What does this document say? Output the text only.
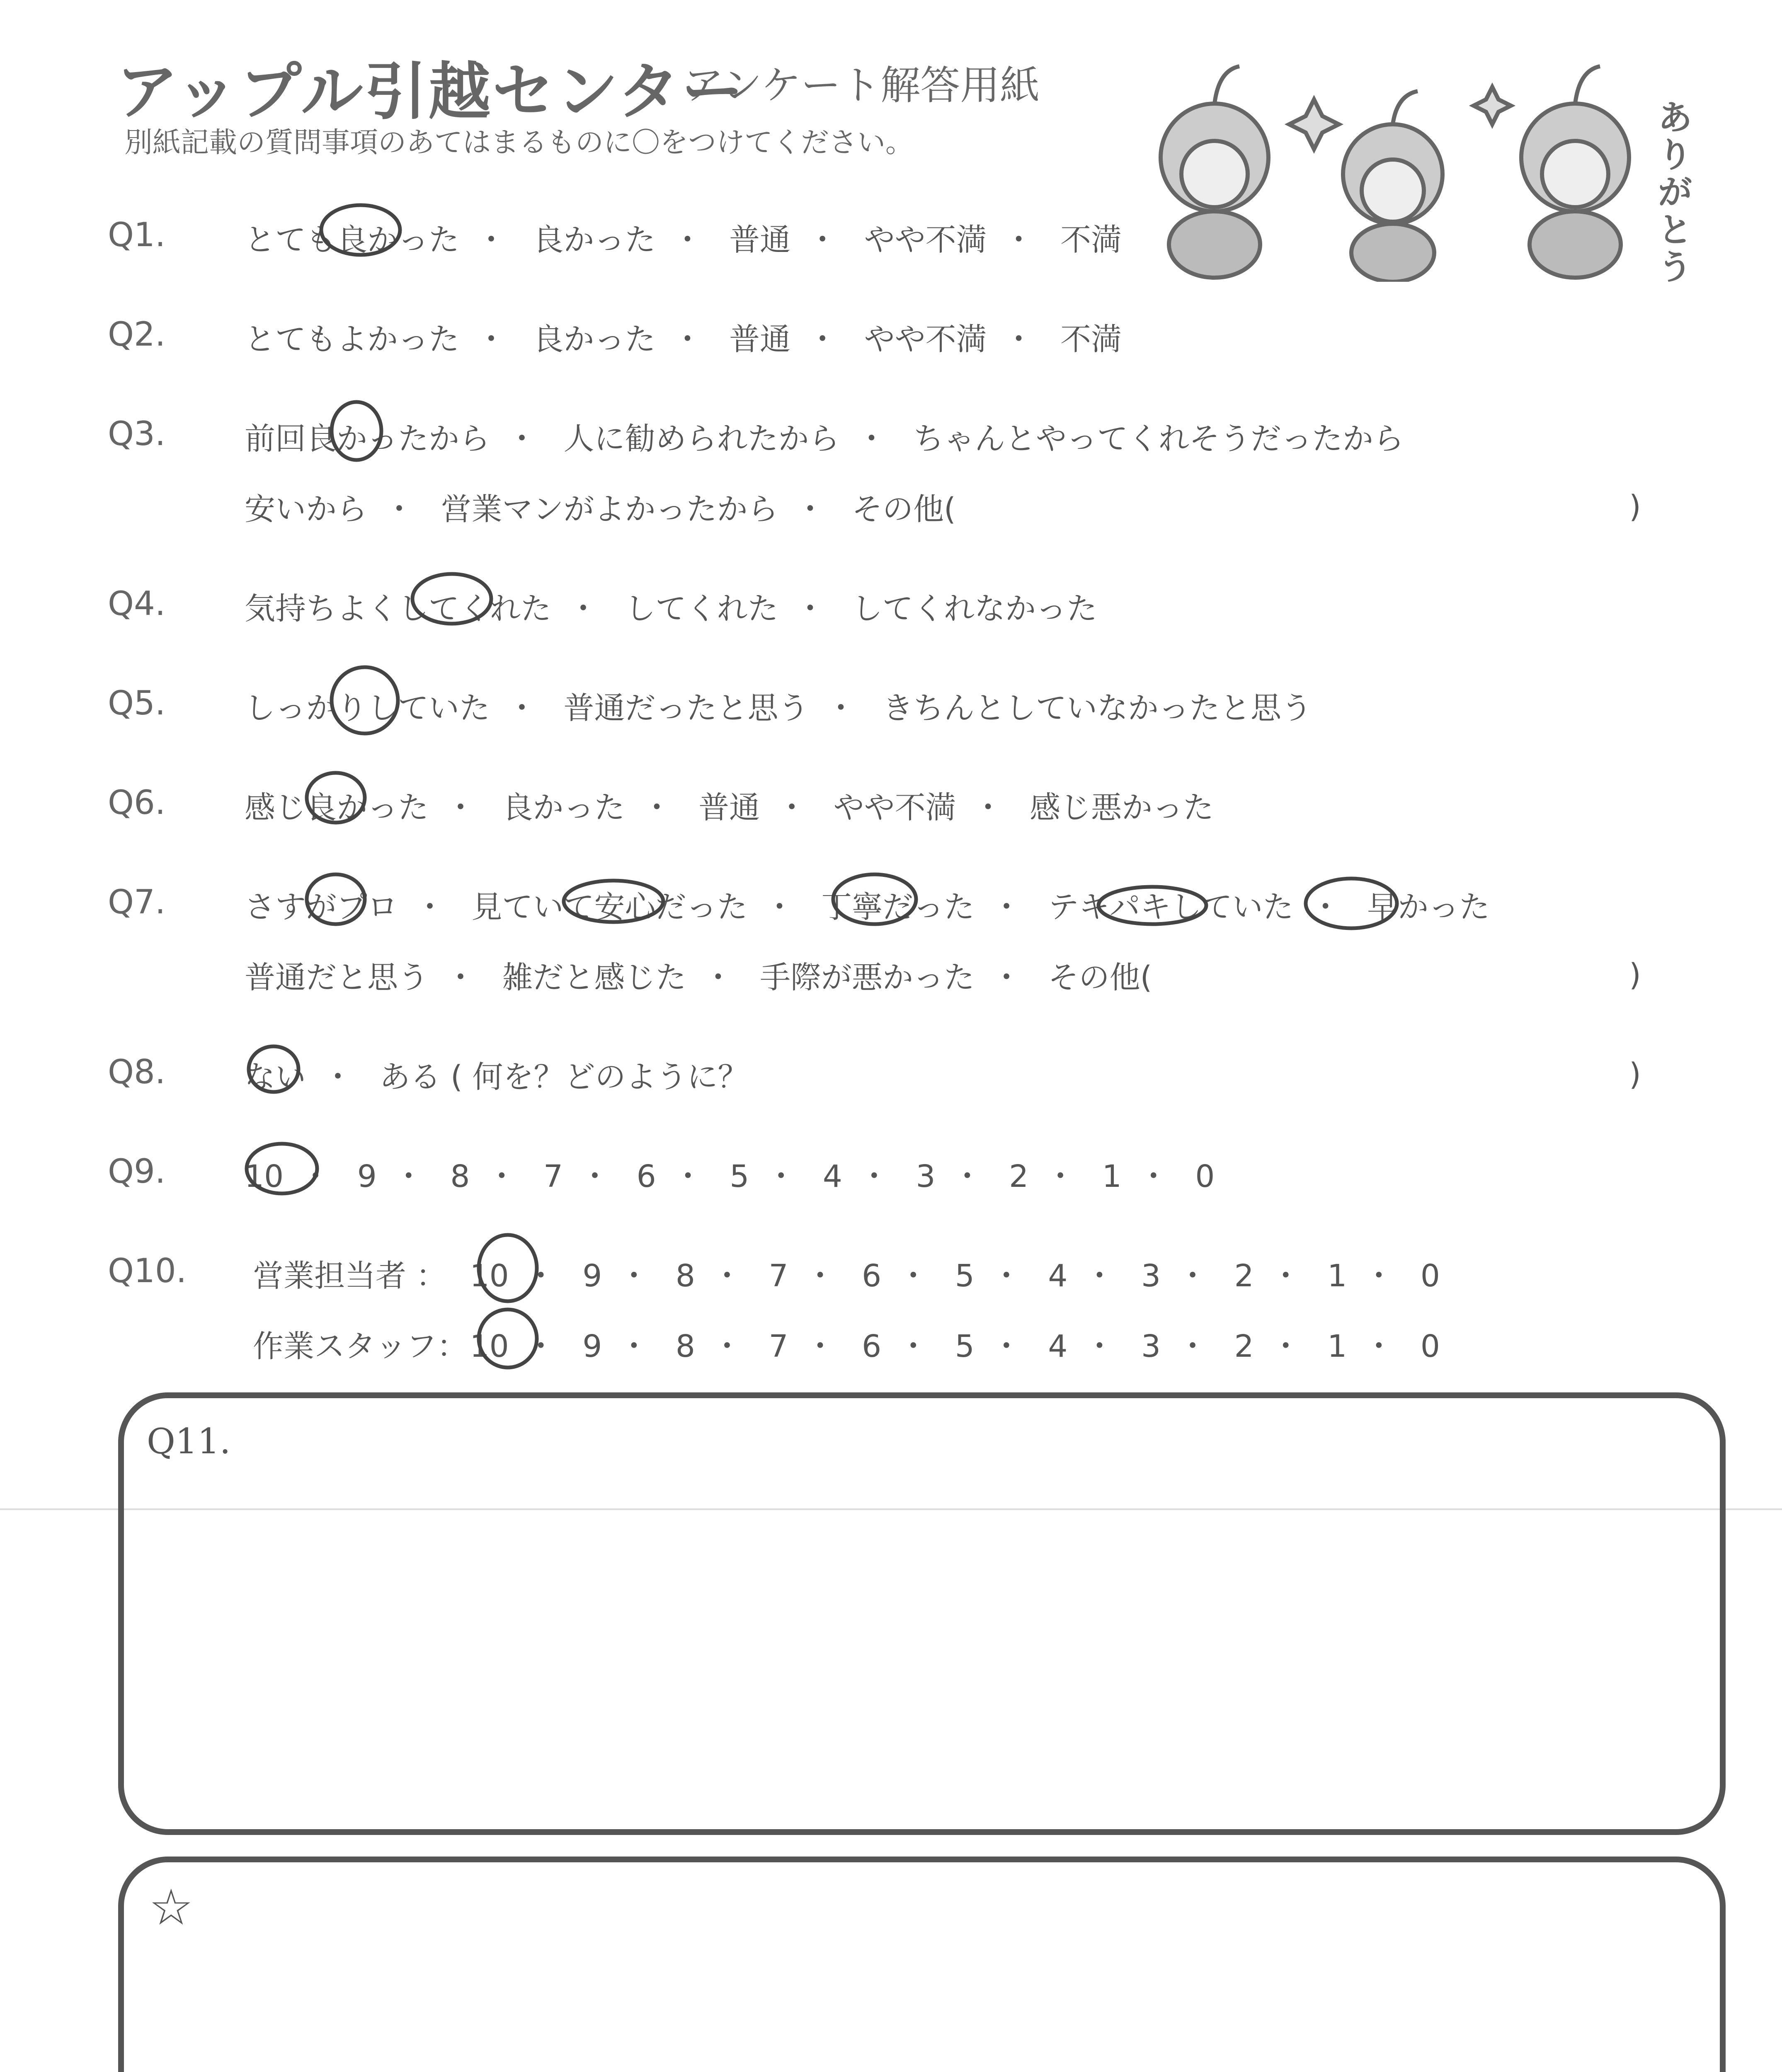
アップル引越センター
アンケート解答用紙
別紙記載の質問事項のあてはまるものに〇をつけてください。
ありがとう
Q1.	とても良かった ・ 良かった ・ 普通 ・ やや不満 ・ 不満
Q2.	とてもよかった ・ 良かった ・ 普通 ・ やや不満 ・ 不満
Q3.	前回良かったから ・ 人に勧められたから ・ ちゃんとやってくれそうだったから
安いから ・ 営業マンがよかったから ・ その他(	)
Q4.	気持ちよくしてくれた ・ してくれた ・ してくれなかった
Q5.	しっかりしていた ・ 普通だったと思う ・ きちんとしていなかったと思う
Q6.	感じ良かった ・ 良かった ・ 普通 ・ やや不満 ・ 感じ悪かった
Q7.	さすがプロ ・ 見ていて安心だった ・ 丁寧だった ・ テキパキしていた ・ 早かった
普通だと思う ・ 雑だと感じた ・ 手際が悪かった ・ その他(	)
Q8.	ない ・ ある ( 何を？どのように？	)
Q9.	10 ・ 9 ・ 8 ・ 7 ・ 6 ・ 5 ・ 4 ・ 3 ・ 2 ・ 1 ・ 0
Q10. 営業担当者 ： 10 ・ 9 ・ 8 ・ 7 ・ 6 ・ 5 ・ 4 ・ 3 ・ 2 ・ 1 ・ 0
作業スタッフ： 10 ・ 9 ・ 8 ・ 7 ・ 6 ・ 5 ・ 4 ・ 3 ・ 2 ・ 1 ・ 0
Q11.
☆
